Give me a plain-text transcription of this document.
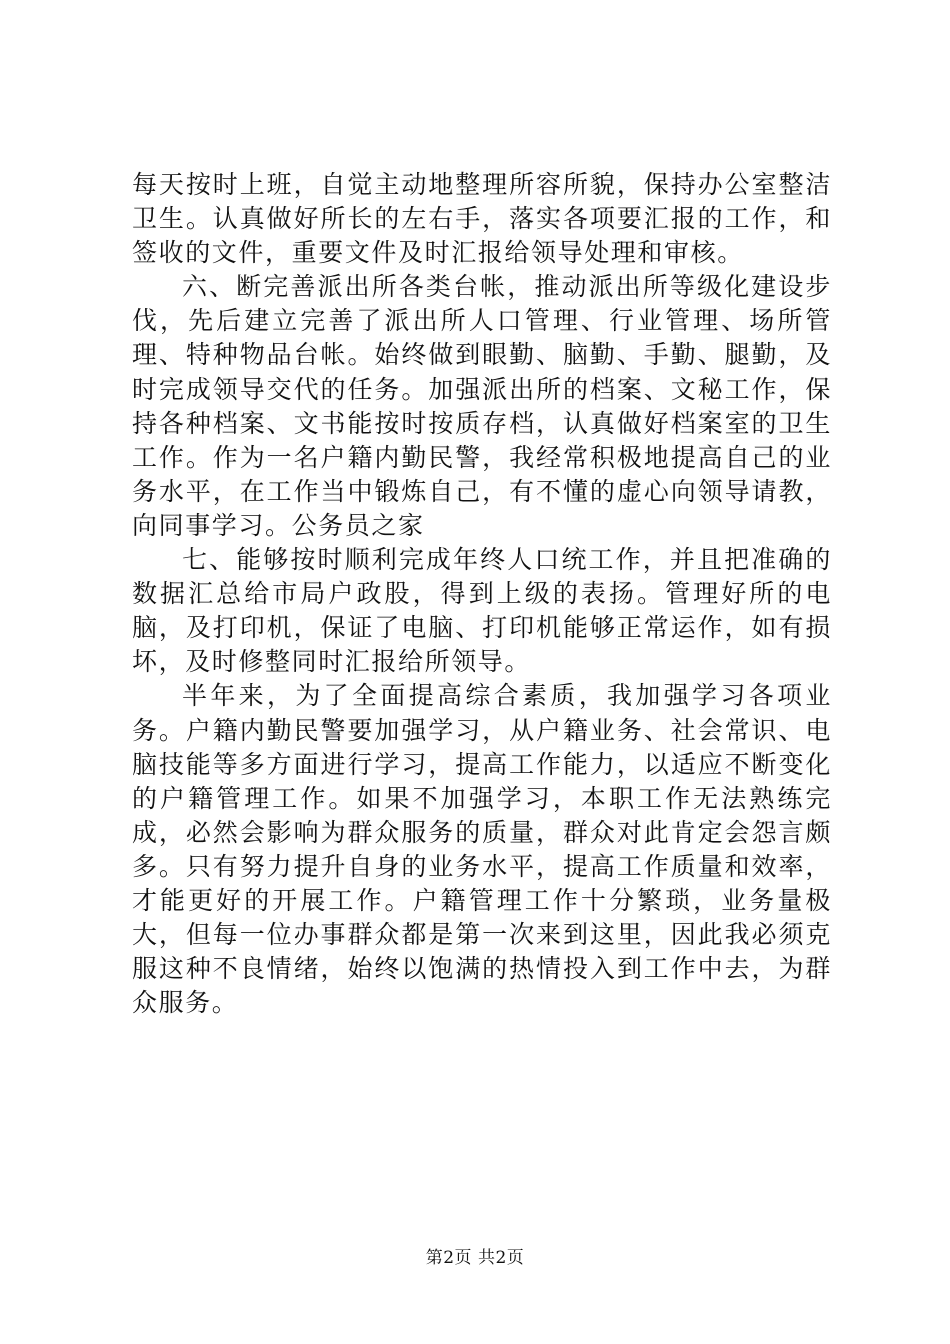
每天按时上班，自觉主动地整理所容所貌，保持办公室整洁卫生。认真做好所长的左右手，落实各项要汇报的工作，和签收的文件，重要文件及时汇报给领导处理和审核。

六、断完善派出所各类台帐，推动派出所等级化建设步伐，先后建立完善了派出所人口管理、行业管理、场所管理、特种物品台帐。始终做到眼勤、脑勤、手勤、腿勤，及时完成领导交代的任务。加强派出所的档案、文秘工作，保持各种档案、文书能按时按质存档，认真做好档案室的卫生工作。作为一名户籍内勤民警，我经常积极地提高自己的业务水平，在工作当中锻炼自己，有不懂的虚心向领导请教，向同事学习。公务员之家

七、能够按时顺利完成年终人口统工作，并且把准确的数据汇总给市局户政股，得到上级的表扬。管理好所的电脑，及打印机，保证了电脑、打印机能够正常运作，如有损坏，及时修整同时汇报给所领导。

半年来，为了全面提高综合素质，我加强学习各项业务。户籍内勤民警要加强学习，从户籍业务、社会常识、电脑技能等多方面进行学习，提高工作能力，以适应不断变化的户籍管理工作。如果不加强学习，本职工作无法熟练完成，必然会影响为群众服务的质量，群众对此肯定会怨言颇多。只有努力提升自身的业务水平，提高工作质量和效率，才能更好的开展工作。户籍管理工作十分繁琐，业务量极大，但每一位办事群众都是第一次来到这里，因此我必须克服这种不良情绪，始终以饱满的热情投入到工作中去，为群众服务。

第2页 共2页
